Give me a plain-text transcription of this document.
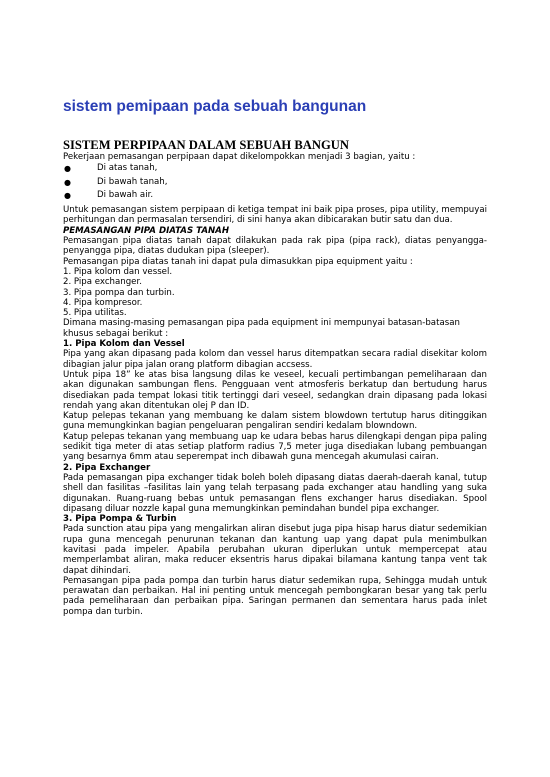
sistem pemipaan pada sebuah bangunan
SISTEM PERPIPAAN DALAM SEBUAH BANGUN

Pekerjaan pemasangan perpipaan dapat dikelompokkan menjadi 3 bagian, yaitu :

●	Di atas tanah,
●	Di bawah tanah,
●	Di bawah air.

Untuk pemasangan sistem perpipaan di ketiga tempat ini baik pipa proses, pipa utility, mempuyai perhitungan dan permasalan tersendiri, di sini hanya akan dibicarakan butir satu dan dua.

PEMASANGAN PIPA DIATAS TANAH

Pemasangan pipa diatas tanah dapat dilakukan pada rak pipa (pipa rack), diatas penyangga-penyangga pipa, diatas dudukan pipa (sleeper).

Pemasangan pipa diatas tanah ini dapat pula dimasukkan pipa equipment yaitu :

1. Pipa kolom dan vessel.

2. Pipa exchanger.

3. Pipa pompa dan turbin.

4. Pipa kompresor.

5. Pipa utilitas.

Dimana masing-masing pemasangan pipa pada equipment ini mempunyai batasan-batasan khusus sebagai berikut :

1. Pipa Kolom dan Vessel

Pipa yang akan dipasang pada kolom dan vessel harus ditempatkan secara radial disekitar kolom dibagian jalur pipa jalan orang platform dibagian accsess.

Untuk pipa 18” ke atas bisa langsung dilas ke veseel, kecuali pertimbangan pemeliharaan dan akan digunakan sambungan flens. Pengguaan vent atmosferis berkatup dan bertudung harus disediakan pada tempat lokasi titik tertinggi dari veseel, sedangkan drain dipasang pada lokasi rendah yang akan ditentukan olej P dan ID.

Katup pelepas tekanan yang membuang ke dalam sistem blowdown tertutup harus ditinggikan guna memungkinkan bagian pengeluaran pengaliran sendiri kedalam blowndown.

Katup pelepas tekanan yang membuang uap ke udara bebas harus dilengkapi dengan pipa paling sedikit tiga meter di atas setiap platform radius 7,5 meter juga disediakan lubang pembuangan yang besarnya 6mm atau seperempat inch dibawah guna mencegah akumulasi cairan.

2. Pipa Exchanger

Pada pemasangan pipa exchanger tidak boleh boleh dipasang diatas daerah-daerah kanal, tutup shell dan fasilitas –fasilitas lain yang telah terpasang pada exchanger atau handling yang suka digunakan. Ruang-ruang bebas untuk pemasangan flens exchanger harus disediakan. Spool dipasang diluar nozzle kapal guna memungkinkan pemindahan bundel pipa exchanger.

3. Pipa Pompa & Turbin

Pada sunction atau pipa yang mengalirkan aliran disebut juga pipa hisap harus diatur sedemikian rupa guna mencegah penurunan tekanan dan kantung uap yang dapat pula menimbulkan kavitasi pada impeler. Apabila perubahan ukuran diperlukan untuk mempercepat atau memperlambat aliran, maka reducer eksentris harus dipakai bilamana kantung tanpa vent tak dapat dihindari.

Pemasangan pipa pada pompa dan turbin harus diatur sedemikan rupa, Sehingga mudah untuk perawatan dan perbaikan. Hal ini penting untuk mencegah pembongkaran besar yang tak perlu pada pemeliharaan dan perbaikan pipa. Saringan permanen dan sementara harus pada inlet pompa dan turbin.
